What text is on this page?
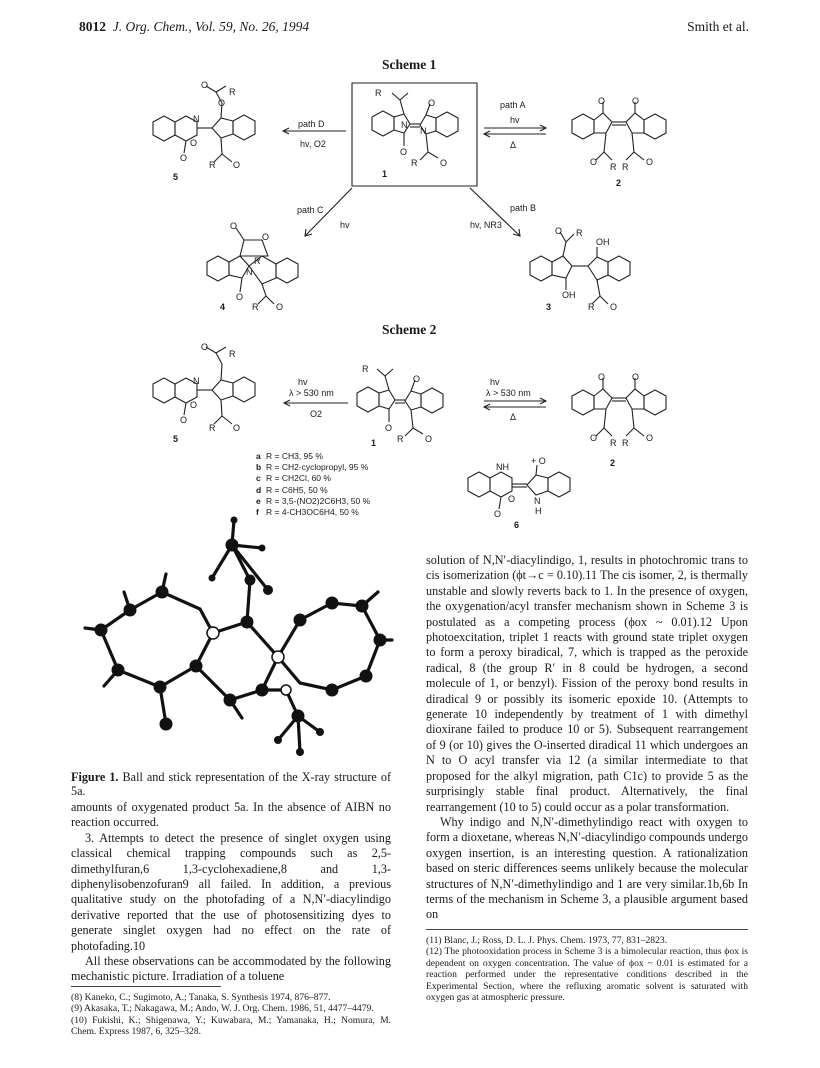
8012 J. Org. Chem., Vol. 59, No. 26, 1994	Smith et al.
Scheme 1
R
O
O
R	O
N
N
1
O	O
O	O
R R
2
O
R
O
N
O
O
R O
5
O
O
N
R
O
R O
4
O R
OH
OH
R O
3
path A
hv
Δ
path D
hv, O2
path C
hv
path B
hv, NR3
Scheme 2
O
R
N
O
O
R O
5
R
O
O
R O
1
O	O
O	O
R R
2
NH
+ O
O
O
N
H
6
hv
λ > 530 nm
O2
hv
λ > 530 nm
Δ
a R = CH3, 95 %
b R = CH2-cyclopropyl, 95 %
c R = CH2Cl, 60 %
d R = C6H5, 50 %
e R = 3,5-(NO2)2C6H3, 50 %
f R = 4-CH3OC6H4, 50 %
Figure 1. Ball and stick representation of the X-ray structure of 5a.

amounts of oxygenated product 5a. In the absence of AIBN no reaction occurred.

3. Attempts to detect the presence of singlet oxygen using classical chemical trapping compounds such as 2,5-dimethylfuran,6 1,3-cyclohexadiene,8 and 1,3-diphenylisobenzofuran9 all failed. In addition, a previous qualitative study on the photofading of a N,N′-diacylindigo derivative reported that the use of photosensitizing dyes to generate singlet oxygen had no effect on the rate of photofading.10

All these observations can be accommodated by the following mechanistic picture. Irradiation of a toluene

(8) Kaneko, C.; Sugimoto, A.; Tanaka, S. Synthesis 1974, 876–877.

(9) Akasaka, T.; Nakagawa, M.; Ando, W. J. Org. Chem. 1986, 51, 4477–4479.

(10) Fukishi, K.; Shigenawa, Y.; Kuwabara, M.; Yamanaka, H.; Nomura, M. Chem. Express 1987, 6, 325–328.

solution of N,N′-diacylindigo, 1, results in photochromic trans to cis isomerization (ϕt→c = 0.10).11 The cis isomer, 2, is thermally unstable and slowly reverts back to 1. In the presence of oxygen, the oxygenation/acyl transfer mechanism shown in Scheme 3 is postulated as a competing process (ϕox ~ 0.01).12 Upon photoexcitation, triplet 1 reacts with ground state triplet oxygen to form a peroxy biradical, 7, which is trapped as the peroxide radical, 8 (the group R′ in 8 could be hydrogen, a second molecule of 1, or benzyl). Fission of the peroxy bond results in diradical 9 or possibly its isomeric epoxide 10. (Attempts to generate 10 independently by treatment of 1 with dimethyl dioxirane failed to produce 10 or 5). Subsequent rearrangement of 9 (or 10) gives the O-inserted diradical 11 which undergoes an N to O acyl transfer via 12 (a similar intermediate to that proposed for the alkyl migration, path C1c) to provide 5 as the surprisingly stable final product. Alternatively, the final rearrangement (10 to 5) could occur as a polar transformation.

Why indigo and N,N′-dimethylindigo react with oxygen to form a dioxetane, whereas N,N′-diacylindigo compounds undergo oxygen insertion, is an interesting question. A rationalization based on steric differences seems unlikely because the molecular structures of N,N′-dimethylindigo and 1 are very similar.1b,6b In terms of the mechanism in Scheme 3, a plausible argument based on

(11) Blanc, J.; Ross, D. L. J. Phys. Chem. 1973, 77, 831–2823.

(12) The photooxidation process in Scheme 3 is a bimolecular reaction, thus ϕox is dependent on oxygen concentration. The value of ϕox ~ 0.01 is estimated for a reaction performed under the representative conditions described in the Experimental Section, where the refluxing aromatic solvent is saturated with oxygen gas at atmospheric pressure.
